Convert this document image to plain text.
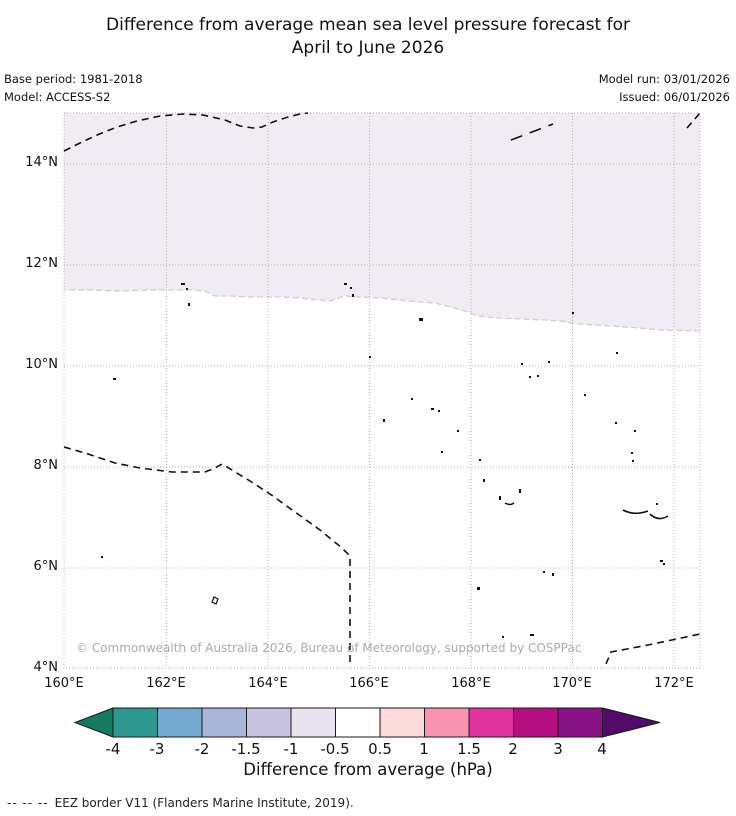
Difference from average mean sea level pressure forecast for
April to June 2026
Base period: 1981-2018
Model: ACCESS-S2
Model run: 03/01/2026
Issued: 06/01/2026
14°N
12°N
10°N
8°N
6°N
4°N
160°E	162°E	164°E	166°E	168°E	170°E	172°E
© Commonwealth of Australia 2026, Bureau of Meteorology, supported by COSPPac
-4	-3	-2	-1.5	-1	-0.5	0.5	1	1.5	2	3	4
Difference from average (hPa)
-- -- -- EEZ border V11 (Flanders Marine Institute, 2019).
